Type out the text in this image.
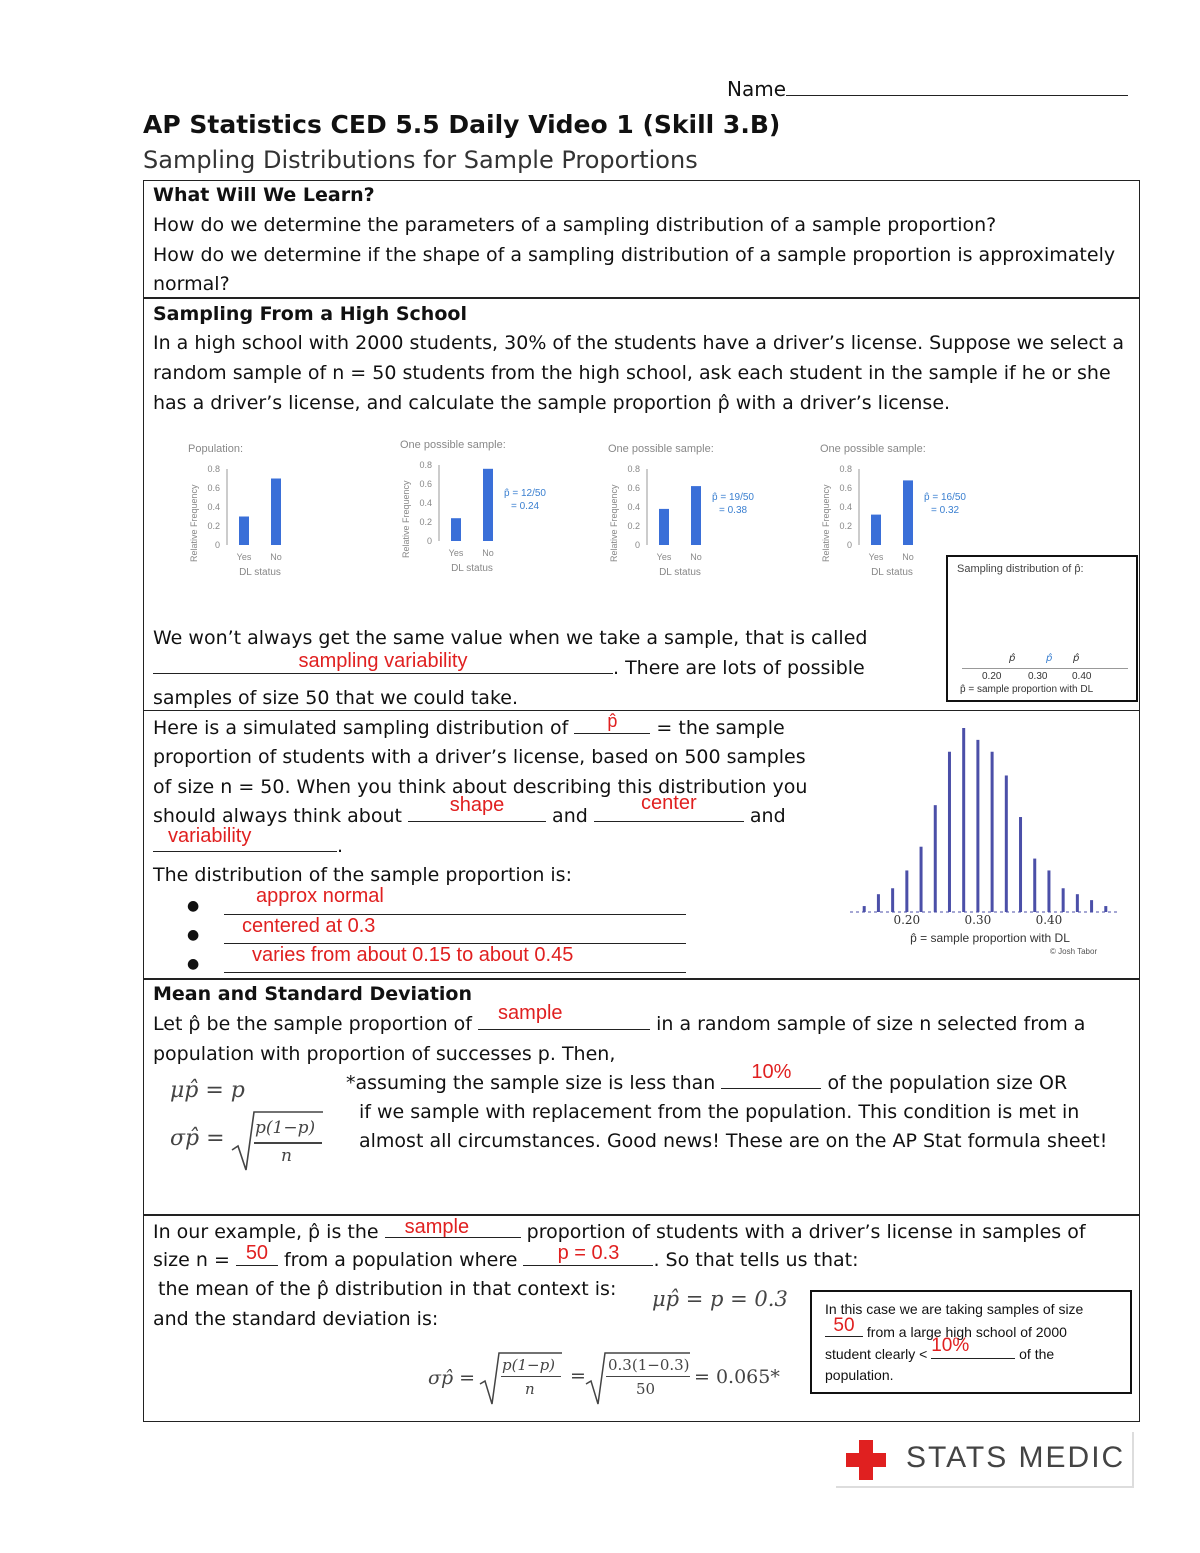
Name
AP Statistics CED 5.5 Daily Video 1 (Skill 3.B)
Sampling Distributions for Sample Proportions
What Will We Learn?
How do we determine the parameters of a sampling distribution of a sample proportion?
How do we determine if the shape of a sampling distribution of a sample proportion is approximately
normal?
Sampling From a High School
In a high school with 2000 students, 30% of the students have a driver’s license. Suppose we select a
random sample of n = 50 students from the high school, ask each student in the sample if he or she
has a driver’s license, and calculate the sample proportion p̂ with a driver’s license.
Population:
0.8
0.6
0.4
0.2
0
Relative Frequency	Yes No
DL status
One possible sample:
0.8
0.6
0.4
0.2
0
Relative Frequency	Yes No
DL status
p̂ = 12/50
= 0.24
One possible sample:
0.8
0.6
0.4
0.2
0
Relative Frequency	Yes No
DL status
p̂ = 19/50
= 0.38
One possible sample:
0.8
0.6
0.4
0.2
0
Relative Frequency	Yes No
DL status
p̂ = 16/50
= 0.32
Sampling distribution of p̂:
p̂	p̂ p̂
0.20	0.30 0.40
p̂ = sample proportion with DL
We won’t always get the same value when we take a sample, that is called
sampling variability	. There are lots of possible
samples of size 50 that we could take.
Here is a simulated sampling distribution of	p̂	= the sample
proportion of students with a driver’s license, based on 500 samples
of size n = 50. When you think about describing this distribution you
should always think about	shape	and
center
and
variability	.
The distribution of the sample proportion is:
●	approx normal
● centered at 0.3
●	varies from about 0.15 to about 0.45
0.20	0.30	0.40
p̂ = sample proportion with DL
© Josh Tabor
Mean and Standard Deviation
Let p̂ be the sample proportion of	sample	in a random sample of size n selected from a
population with proportion of successes p. Then,
μp̂ = p
σp̂ = p(1−p)
n
*assuming the sample size is less than	10%	of the population size OR
if we sample with replacement from the population. This condition is met in
almost all circumstances. Good news! These are on the AP Stat formula sheet!
In our example, p̂ is the	sample	proportion of students with a driver’s license in samples of
size n = 50 from a population where	p = 0.3	. So that tells us that:
the mean of the p̂ distribution in that context is:
and the standard deviation is:
μp̂ = p = 0.3
σp̂ =	=
p(1−p)
n
0.3(1−0.3)
50
= 0.065*
In this case we are taking samples of size
50 from a large high school of 2000
student clearly < 10%	of the
population.
STATS MEDIC
